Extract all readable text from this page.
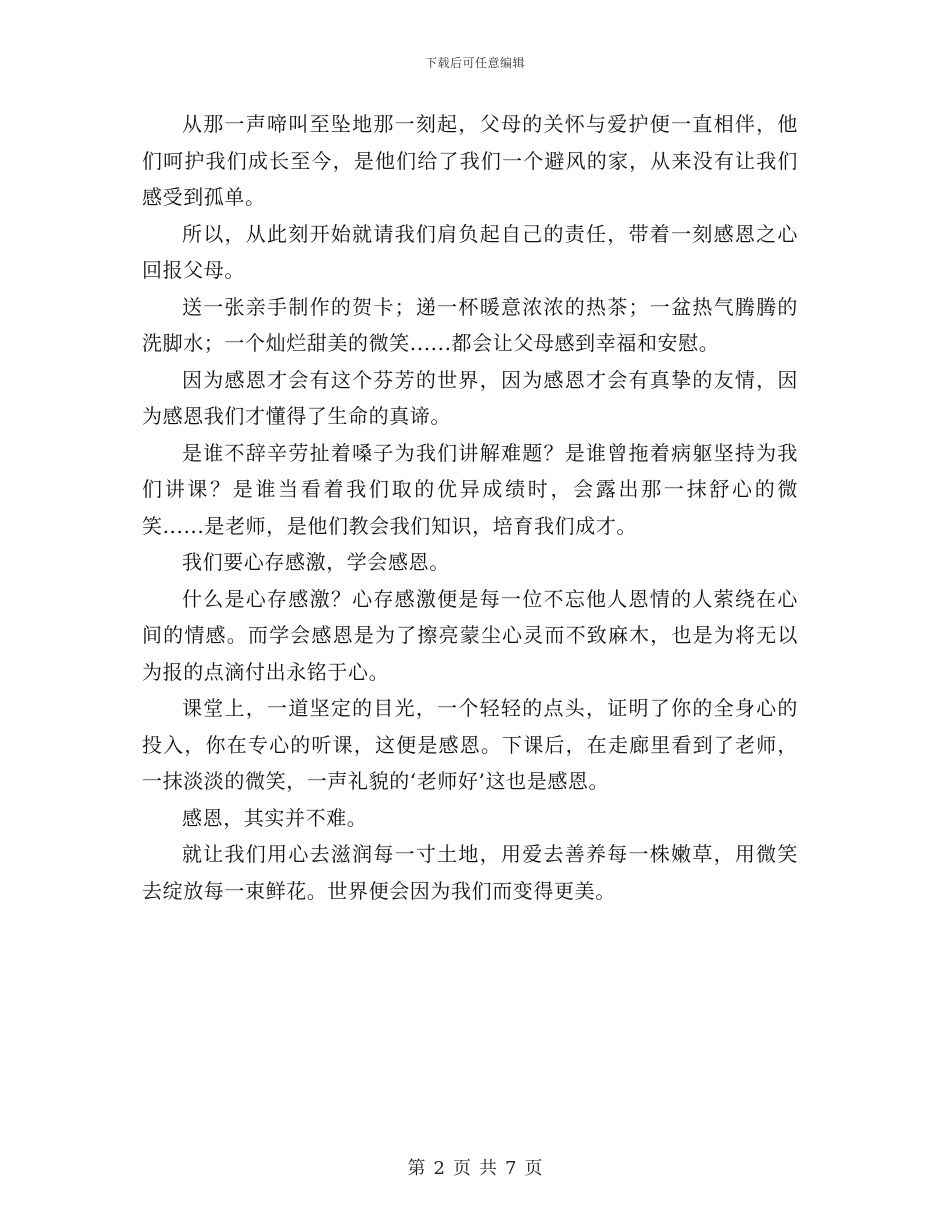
下载后可任意编辑

从那一声啼叫至坠地那一刻起，父母的关怀与爱护便一直相伴，他们呵护我们成长至今，是他们给了我们一个避风的家，从来没有让我们感受到孤单。

所以，从此刻开始就请我们肩负起自己的责任，带着一刻感恩之心回报父母。

送一张亲手制作的贺卡；递一杯暖意浓浓的热茶；一盆热气腾腾的洗脚水；一个灿烂甜美的微笑......都会让父母感到幸福和安慰。

因为感恩才会有这个芬芳的世界，因为感恩才会有真挚的友情，因为感恩我们才懂得了生命的真谛。

是谁不辞辛劳扯着嗓子为我们讲解难题？是谁曾拖着病躯坚持为我们讲课？是谁当看着我们取的优异成绩时，会露出那一抹舒心的微笑......是老师，是他们教会我们知识，培育我们成才。

我们要心存感激，学会感恩。

什么是心存感激？心存感激便是每一位不忘他人恩情的人萦绕在心间的情感。而学会感恩是为了擦亮蒙尘心灵而不致麻木，也是为将无以为报的点滴付出永铭于心。

课堂上，一道坚定的目光，一个轻轻的点头，证明了你的全身心的投入，你在专心的听课，这便是感恩。下课后，在走廊里看到了老师，一抹淡淡的微笑，一声礼貌的‘老师好’这也是感恩。

感恩，其实并不难。

就让我们用心去滋润每一寸土地，用爱去善养每一株嫩草，用微笑去绽放每一束鲜花。世界便会因为我们而变得更美。

第 2 页 共 7 页
